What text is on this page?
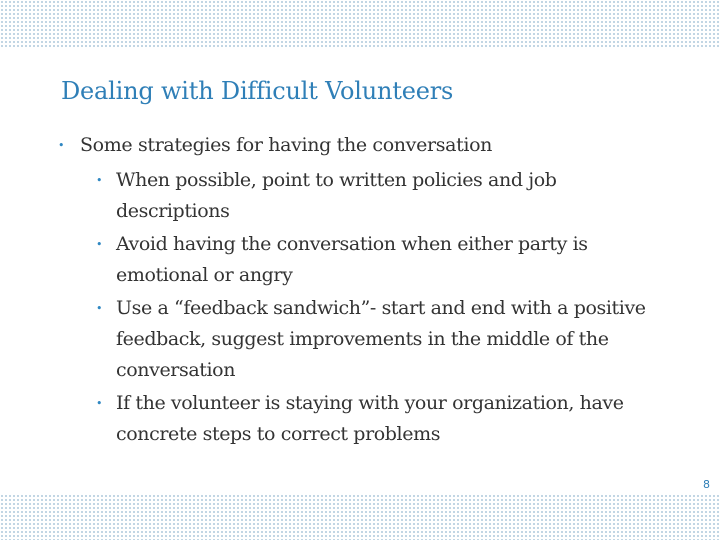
Dealing with Difficult Volunteers
• Some strategies for having the conversation
• When possible, point to written policies and job descriptions
• Avoid having the conversation when either party is emotional or angry
• Use a “feedback sandwich”- start and end with a positive feedback, suggest improvements in the middle of the conversation
• If the volunteer is staying with your organization, have concrete steps to correct problems
8
